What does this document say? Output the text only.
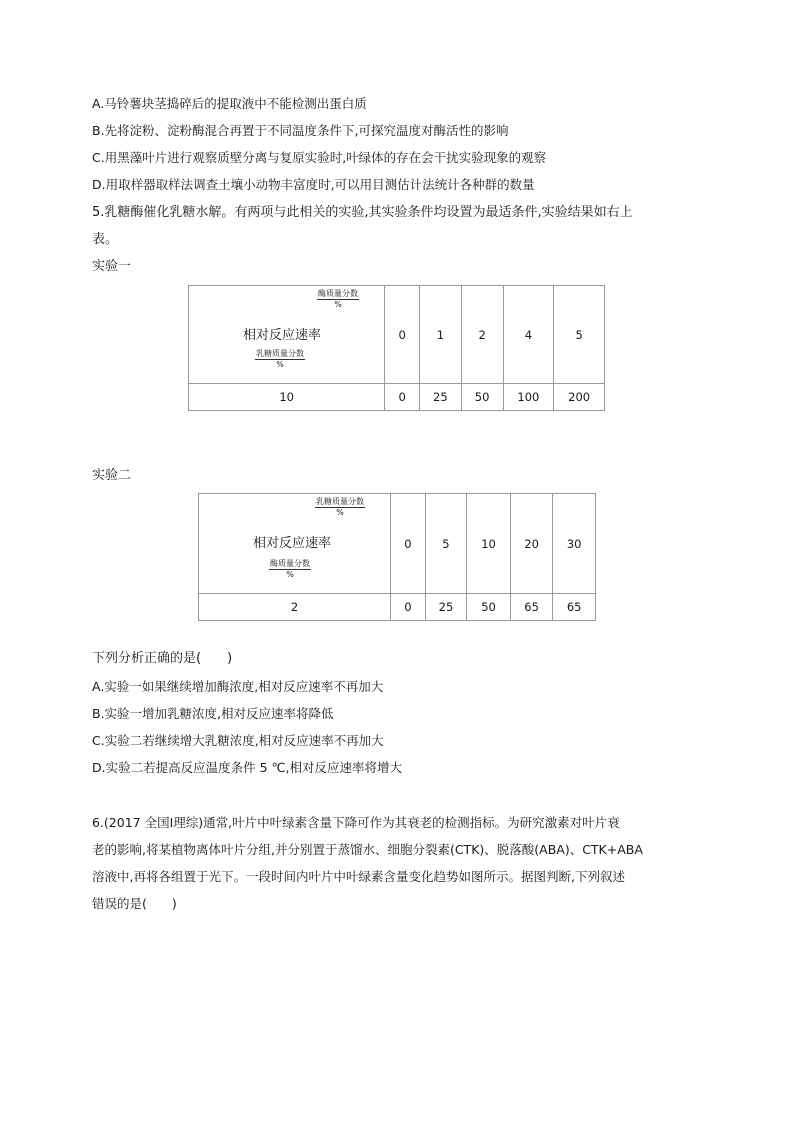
A.马铃薯块茎捣碎后的提取液中不能检测出蛋白质
B.先将淀粉、淀粉酶混合再置于不同温度条件下,可探究温度对酶活性的影响
C.用黑藻叶片进行观察质壁分离与复原实验时,叶绿体的存在会干扰实验现象的观察
D.用取样器取样法调查土壤小动物丰富度时,可以用目测估计法统计各种群的数量
5.乳糖酶催化乳糖水解。有两项与此相关的实验,其实验条件均设置为最适条件,实验结果如右上
表。
实验一
酶质量分数
%
相对反应速率
乳糖质量分数
%	0	1	2	4	5
10	0	25	50	100	200
实验二
乳糖质量分数
%
相对反应速率
酶质量分数
%	0	5	10	20	30
2	0	25	50	65	65
下列分析正确的是(　　)
A.实验一如果继续增加酶浓度,相对反应速率不再加大
B.实验一增加乳糖浓度,相对反应速率将降低
C.实验二若继续增大乳糖浓度,相对反应速率不再加大
D.实验二若提高反应温度条件 5 ℃,相对反应速率将增大
6.(2017 全国Ⅰ理综)通常,叶片中叶绿素含量下降可作为其衰老的检测指标。为研究激素对叶片衰
老的影响,将某植物离体叶片分组,并分别置于蒸馏水、细胞分裂素(CTK)、脱落酸(ABA)、CTK+ABA
溶液中,再将各组置于光下。一段时间内叶片中叶绿素含量变化趋势如图所示。据图判断,下列叙述
错误的是(　　)
